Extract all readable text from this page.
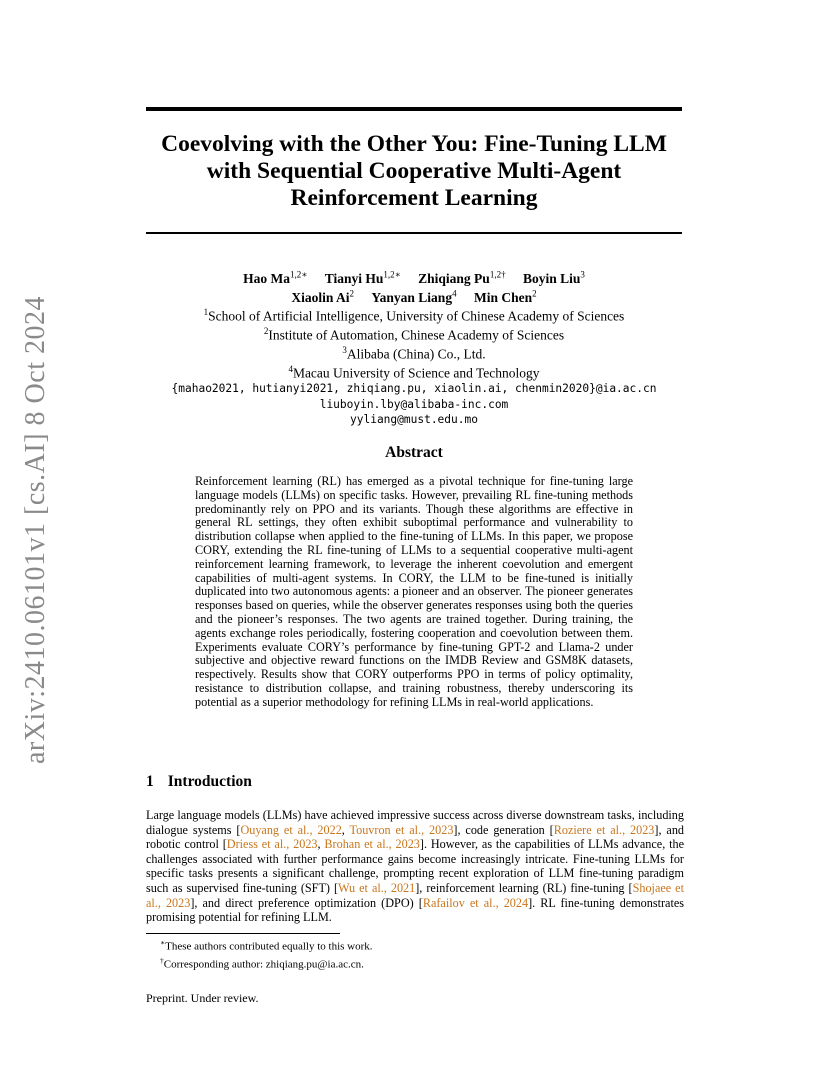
arXiv:2410.06101v1 [cs.AI] 8 Oct 2024
Coevolving with the Other You: Fine-Tuning LLM
with Sequential Cooperative Multi-Agent
Reinforcement Learning
Hao $Ma^{1,2∗}$ Tianyi $Hu^{1,2∗}$ Zhiqiang $Pu^{1,2\dagger}$ Boyin Liu$^3$
Xiaolin Ai$^2$ Yanyan Liang$^4$ Min Chen$^2$
$^1$School of Artificial Intelligence, University of Chinese Academy of Sciences
$^2$Institute of Automation, Chinese Academy of Sciences
$^3$Alibaba (China) Co., Ltd.
$^4$Macau University of Science and Technology
{mahao2021, hutianyi2021, zhiqiang.pu, xiaolin.ai, chenmin2020}@ia.ac.cn
liuboyin.lby@alibaba-inc.com
yyliang@must.edu.mo
Abstract
Reinforcement learning (RL) has emerged as a pivotal technique for fine-tuning large language models (LLMs) on specific tasks. However, prevailing RL fine-tuning methods predominantly rely on PPO and its variants. Though these algorithms are effective in general RL settings, they often exhibit suboptimal performance and vulnerability to distribution collapse when applied to the fine-tuning of LLMs. In this paper, we propose CORY, extending the RL fine-tuning of LLMs to a sequential cooperative multi-agent reinforcement learning framework, to leverage the inherent coevolution and emergent capabilities of multi-agent systems. In CORY, the LLM to be fine-tuned is initially duplicated into two autonomous agents: a pioneer and an observer. The pioneer generates responses based on queries, while the observer generates responses using both the queries and the pioneer’s responses. The two agents are trained together. During training, the agents exchange roles periodically, fostering cooperation and coevolution between them. Experiments evaluate CORY’s performance by fine-tuning GPT-2 and Llama-2 under subjective and objective reward functions on the IMDB Review and GSM8K datasets, respectively. Results show that CORY outperforms PPO in terms of policy optimality, resistance to distribution collapse, and training robustness, thereby underscoring its potential as a superior methodology for refining LLMs in real-world applications.
1 Introduction
Large language models (LLMs) have achieved impressive success across diverse downstream tasks, including dialogue systems [Ouyang et al., 2022, Touvron et al., 2023], code generation [Roziere et al., 2023], and robotic control [Driess et al., 2023, Brohan et al., 2023]. However, as the capabilities of LLMs advance, the challenges associated with further performance gains become increasingly intricate. Fine-tuning LLMs for specific tasks presents a significant challenge, prompting recent exploration of LLM fine-tuning paradigm such as supervised fine-tuning (SFT) [Wu et al., 2021], reinforcement learning (RL) fine-tuning [Shojaee et al., 2023], and direct preference optimization (DPO) [Rafailov et al., 2024]. RL fine-tuning demonstrates promising potential for refining LLM.
∗These authors contributed equally to this work.
†Corresponding author: zhiqiang.pu@ia.ac.cn.
Preprint. Under review.
